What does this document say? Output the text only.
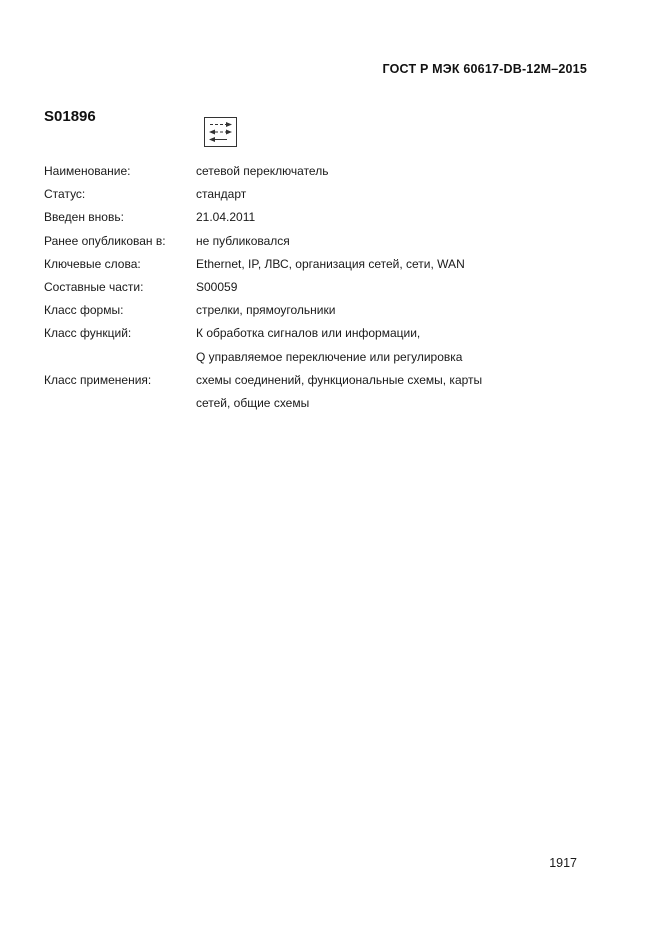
ГОСТ Р МЭК 60617-DB-12M–2015
S01896
Наименование:	сетевой переключатель
Статус:	стандарт
Введен вновь:	21.04.2011
Ранее опубликован в:	не публиковался
Ключевые слова:	Ethernet, IP, ЛВС, организация сетей, сети, WAN
Составные части:	S00059
Класс формы:	стрелки, прямоугольники
Класс функций:	К обработка сигналов или информации,
Q управляемое переключение или регулировка
Класс применения:	схемы соединений, функциональные схемы, карты
сетей, общие схемы
1917
